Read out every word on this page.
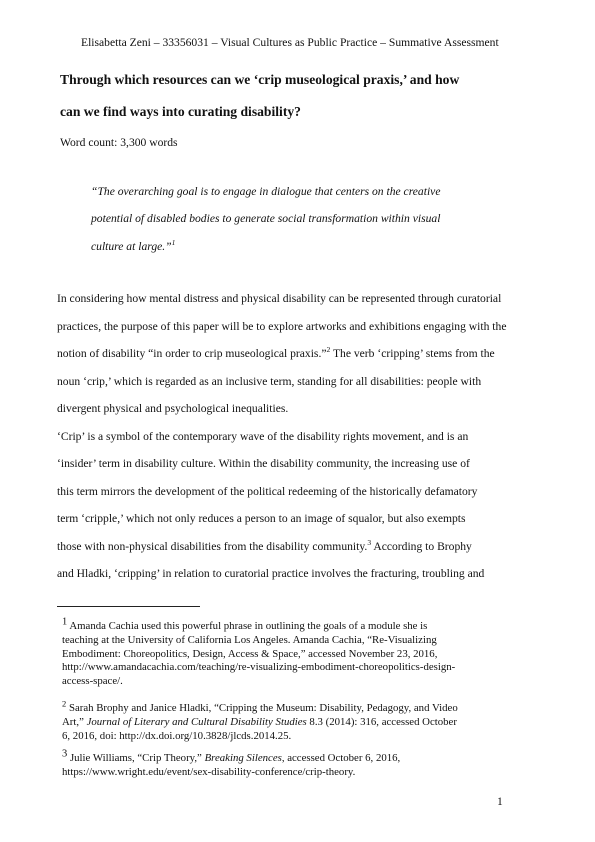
Elisabetta Zeni – 33356031 – Visual Cultures as Public Practice – Summative Assessment
Through which resources can we ‘crip museological praxis,’ and how
can we find ways into curating disability?
Word count: 3,300 words
“The overarching goal is to engage in dialogue that centers on the creative
potential of disabled bodies to generate social transformation within visual
culture at large.”$^1$
In considering how mental distress and physical disability can be represented through curatorial
practices, the purpose of this paper will be to explore artworks and exhibitions engaging with the
notion of disability “in order to crip museological praxis.”$^2$ The verb ‘cripping’ stems from the
noun ‘crip,’ which is regarded as an inclusive term, standing for all disabilities: people with
divergent physical and psychological inequalities.
‘Crip’ is a symbol of the contemporary wave of the disability rights movement, and is an
‘insider’ term in disability culture. Within the disability community, the increasing use of
this term mirrors the development of the political redeeming of the historically defamatory
term ‘cripple,’ which not only reduces a person to an image of squalor, but also exempts
those with non-physical disabilities from the disability community.$^3$ According to Brophy
and Hladki, ‘cripping’ in relation to curatorial practice involves the fracturing, troubling and
1 Amanda Cachia used this powerful phrase in outlining the goals of a module she is
teaching at the University of California Los Angeles. Amanda Cachia, “Re-Visualizing
Embodiment: Choreopolitics, Design, Access & Space,” accessed November 23, 2016,
http://www.amandacachia.com/teaching/re-visualizing-embodiment-choreopolitics-design-
access-space/.
$^2$ Sarah Brophy and Janice Hladki, “Cripping the Museum: Disability, Pedagogy, and Video
Art,” Journal of Literary and Cultural Disability Studies 8.3 (2014): 316, accessed October
6, 2016, doi: http://dx.doi.org/10.3828/jlcds.2014.25.
3 Julie Williams, “Crip Theory,” Breaking Silences, accessed October 6, 2016,
https://www.wright.edu/event/sex-disability-conference/crip-theory.
1
